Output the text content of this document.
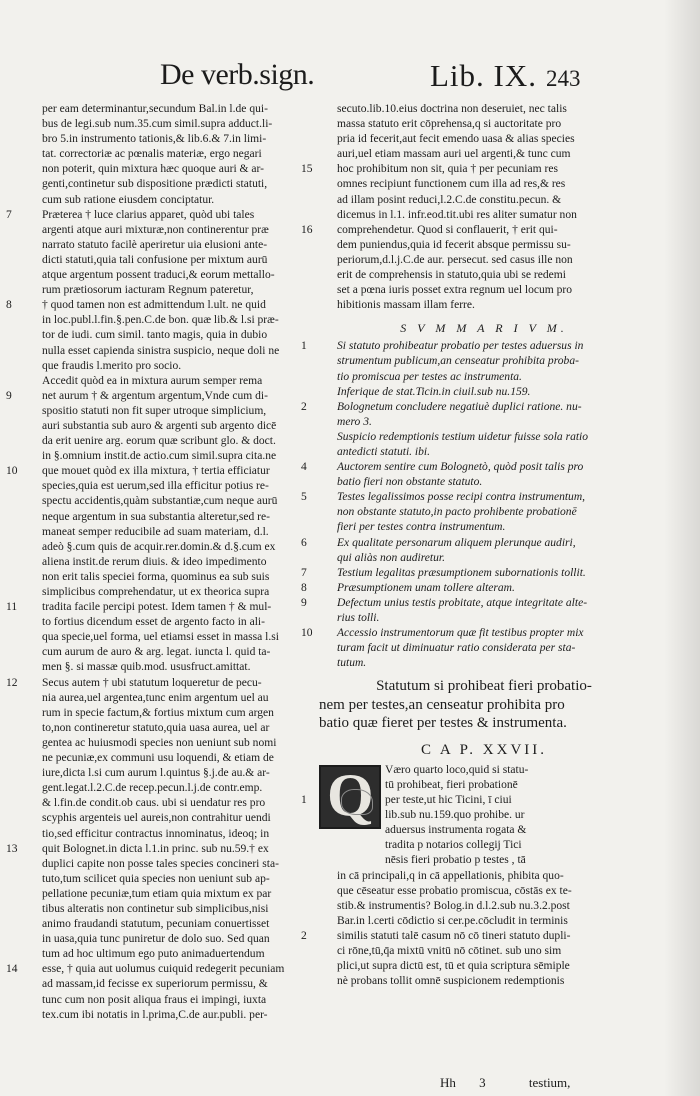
De verb.sign.	Lib. IX. 243
per eam determinantur,secundum Bal.in l.de qui-
bus de legi.sub num.35.cum simil.supra adduct.li-
bro 5.in instrumento tationis,& lib.6.& 7.in limi-
tat. correctoriæ ac pœnalis materiæ, ergo negari
non poterit, quin mixtura hæc quoque auri & ar-
genti,continetur sub dispositione prædicti statuti,
cum sub ratione eiusdem conciptatur.
7	Præterea † luce clarius apparet, quòd ubi tales
argenti atque auri mixturæ,non continerentur præ
narrato statuto facilè aperiretur uia elusioni ante-
dicti statuti,quia tali confusione per mixtum aurū
atque argentum possent traduci,& eorum mettallo-
rum prætiosorum iacturam Regnum pateretur,
8	† quod tamen non est admittendum l.ult. ne quid
in loc.publ.l.fin.§.pen.C.de bon. quæ lib.& l.si præ-
tor de iudi. cum simil. tanto magis, quia in dubio
nulla esset capienda sinistra suspicio, neque doli ne
que fraudis l.merito pro socio.
Accedit quòd ea in mixtura aurum semper rema
9	net aurum † & argentum argentum,Vnde cum di-
spositio statuti non fit super utroque simplicium,
auri substantia sub auro & argenti sub argento dicē
da erit uenire arg. eorum quæ scribunt glo. & doct.
in §.omnium instit.de actio.cum simil.supra cita.ne
10 que mouet quòd ex illa mixtura, † tertia efficiatur
species,quia est uerum,sed illa efficitur potius re-
spectu accidentis,quàm substantiæ,cum neque aurū
neque argentum in sua substantia alteretur,sed re-
maneat semper reducibile ad suam materiam, d.l.
adeò §.cum quis de acquir.rer.domin.& d.§.cum ex
aliena instit.de rerum diuis. & ideo impedimento
non erit talis speciei forma, quominus ea sub suis
simplicibus comprehendatur, ut ex theorica supra
11 tradita facile percipi potest. Idem tamen † & mul-
to fortius dicendum esset de argento facto in ali-
qua specie,uel forma, uel etiamsi esset in massa l.si
cum aurum de auro & arg. legat. iuncta l. quid ta-
men §. si massæ quib.mod. ususfruct.amittat.
12 Secus autem † ubi statutum loqueretur de pecu-
nia aurea,uel argentea,tunc enim argentum uel au
rum in specie factum,& fortius mixtum cum argen
to,non contineretur statuto,quia uasa aurea, uel ar
gentea ac huiusmodi species non ueniunt sub nomi
ne pecuniæ,ex communi usu loquendi, & etiam de
iure,dicta l.si cum aurum l.quintus §.j.de au.& ar-
gent.legat.l.2.C.de recep.pecun.l.j.de contr.emp.
& l.fin.de condit.ob caus. ubi si uendatur res pro
scyphis argenteis uel aureis,non contrahitur uendi
tio,sed efficitur contractus innominatus, ideoq; in
13 quit Bolognet.in dicta l.1.in princ. sub nu.59.† ex
duplici capite non posse tales species concineri sta-
tuto,tum scilicet quia species non ueniunt sub ap-
pellatione pecuniæ,tum etiam quia mixtum ex par
tibus alteratis non continetur sub simplicibus,nisi
animo fraudandi statutum, pecuniam conuertisset
in uasa,quia tunc puniretur de dolo suo. Sed quan
tum ad hoc ultimum ego puto animaduertendum
14 esse, † quia aut uolumus cuiquid redegerit pecuniam
ad massam,id fecisse ex superiorum permissu, &
tunc cum non posit aliqua fraus ei impingi, iuxta
tex.cum ibi notatis in l.prima,C.de aur.publi. per-
secuto.lib.10.eius doctrina non deseruiet, nec talis
massa statuto erit cōprehensa,q si auctoritate pro
pria id fecerit,aut fecit emendo uasa & alias species
auri,uel etiam massam auri uel argenti,& tunc cum
15 hoc prohibitum non sit, quia † per pecuniam res
omnes recipiunt functionem cum illa ad res,& res
ad illam posint reduci,l.2.C.de constitu.pecun. &
dicemus in l.1. infr.eod.tit.ubi res aliter sumatur non
16 comprehendetur. Quod si conflauerit, † erit qui-
dem puniendus,quia id fecerit absque permissu su-
periorum,d.l.j.C.de aur. persecut. sed casus ille non
erit de comprehensis in statuto,quia ubi se redemi
set a pœna iuris posset extra regnum uel locum pro
hibitionis massam illam ferre.
S V M M A R I V M.
1	Si statuto prohibeatur probatio per testes aduersus in
strumentum publicum,an censeatur prohibita proba-
tio promiscua per testes ac instrumenta.
Inferique de stat.Ticin.in ciuil.sub nu.159.
2	Bolognetum concludere negatiuè duplici ratione. nu-
mero 3.
Suspicio redemptionis testium uidetur fuisse sola ratio
antedicti statuti. ibi.
4	Auctorem sentire cum Bolognetò, quòd posit talis pro
batio fieri non obstante statuto.
5	Testes legalissimos posse recipi contra instrumentum,
non obstante statuto,in pacto prohibente probationē
fieri per testes contra instrumentum.
6	Ex qualitate personarum aliquem plerunque audiri,
qui aliàs non audiretur.
7	Testium legalitas præsumptionem subornationis tollit.
8	Præsumptionem unam tollere alteram.
9	Defectum unius testis probitate, atque integritate alte-
rius tolli.
10 Accessio instrumentorum quæ fit testibus propter mix
turam facit ut diminuatur ratio considerata per sta-
tutum.
Statutum si prohibeat fieri probatio-
nem per testes,an censeatur prohibita pro
batio quæ fieret per testes & instrumenta.
C A P. XXVII.
Q Væro quarto loco,quid si statu-
tū prohibeat, fieri probationē
1	per teste,ut hic Ticini, ī ciui
lib.sub nu.159.quo prohibe. ur
aduersus instrumenta rogata &
tradita p notarios collegij Tici
nēsis fieri probatio p testes , tā
in cā principali,q in cā appellationis, phibita quo-
que cēseatur esse probatio promiscua, cōstās ex te-
stib.& instrumentis? Bolog.in d.l.2.sub nu.3.2.post
Bar.in l.certi cōdictio si cer.pe.cōcludit in terminis
2	similis statuti talē casum nō cō tineri statuto dupli-
ci rōne,tū,q̄a mixtū vnitū nō cōtinet. sub uno sim
plici,ut supra dictū est, tū et quia scriptura sēmiple
nè probans tollit omnē suspicionem redemptionis
Hh 3	testium,
